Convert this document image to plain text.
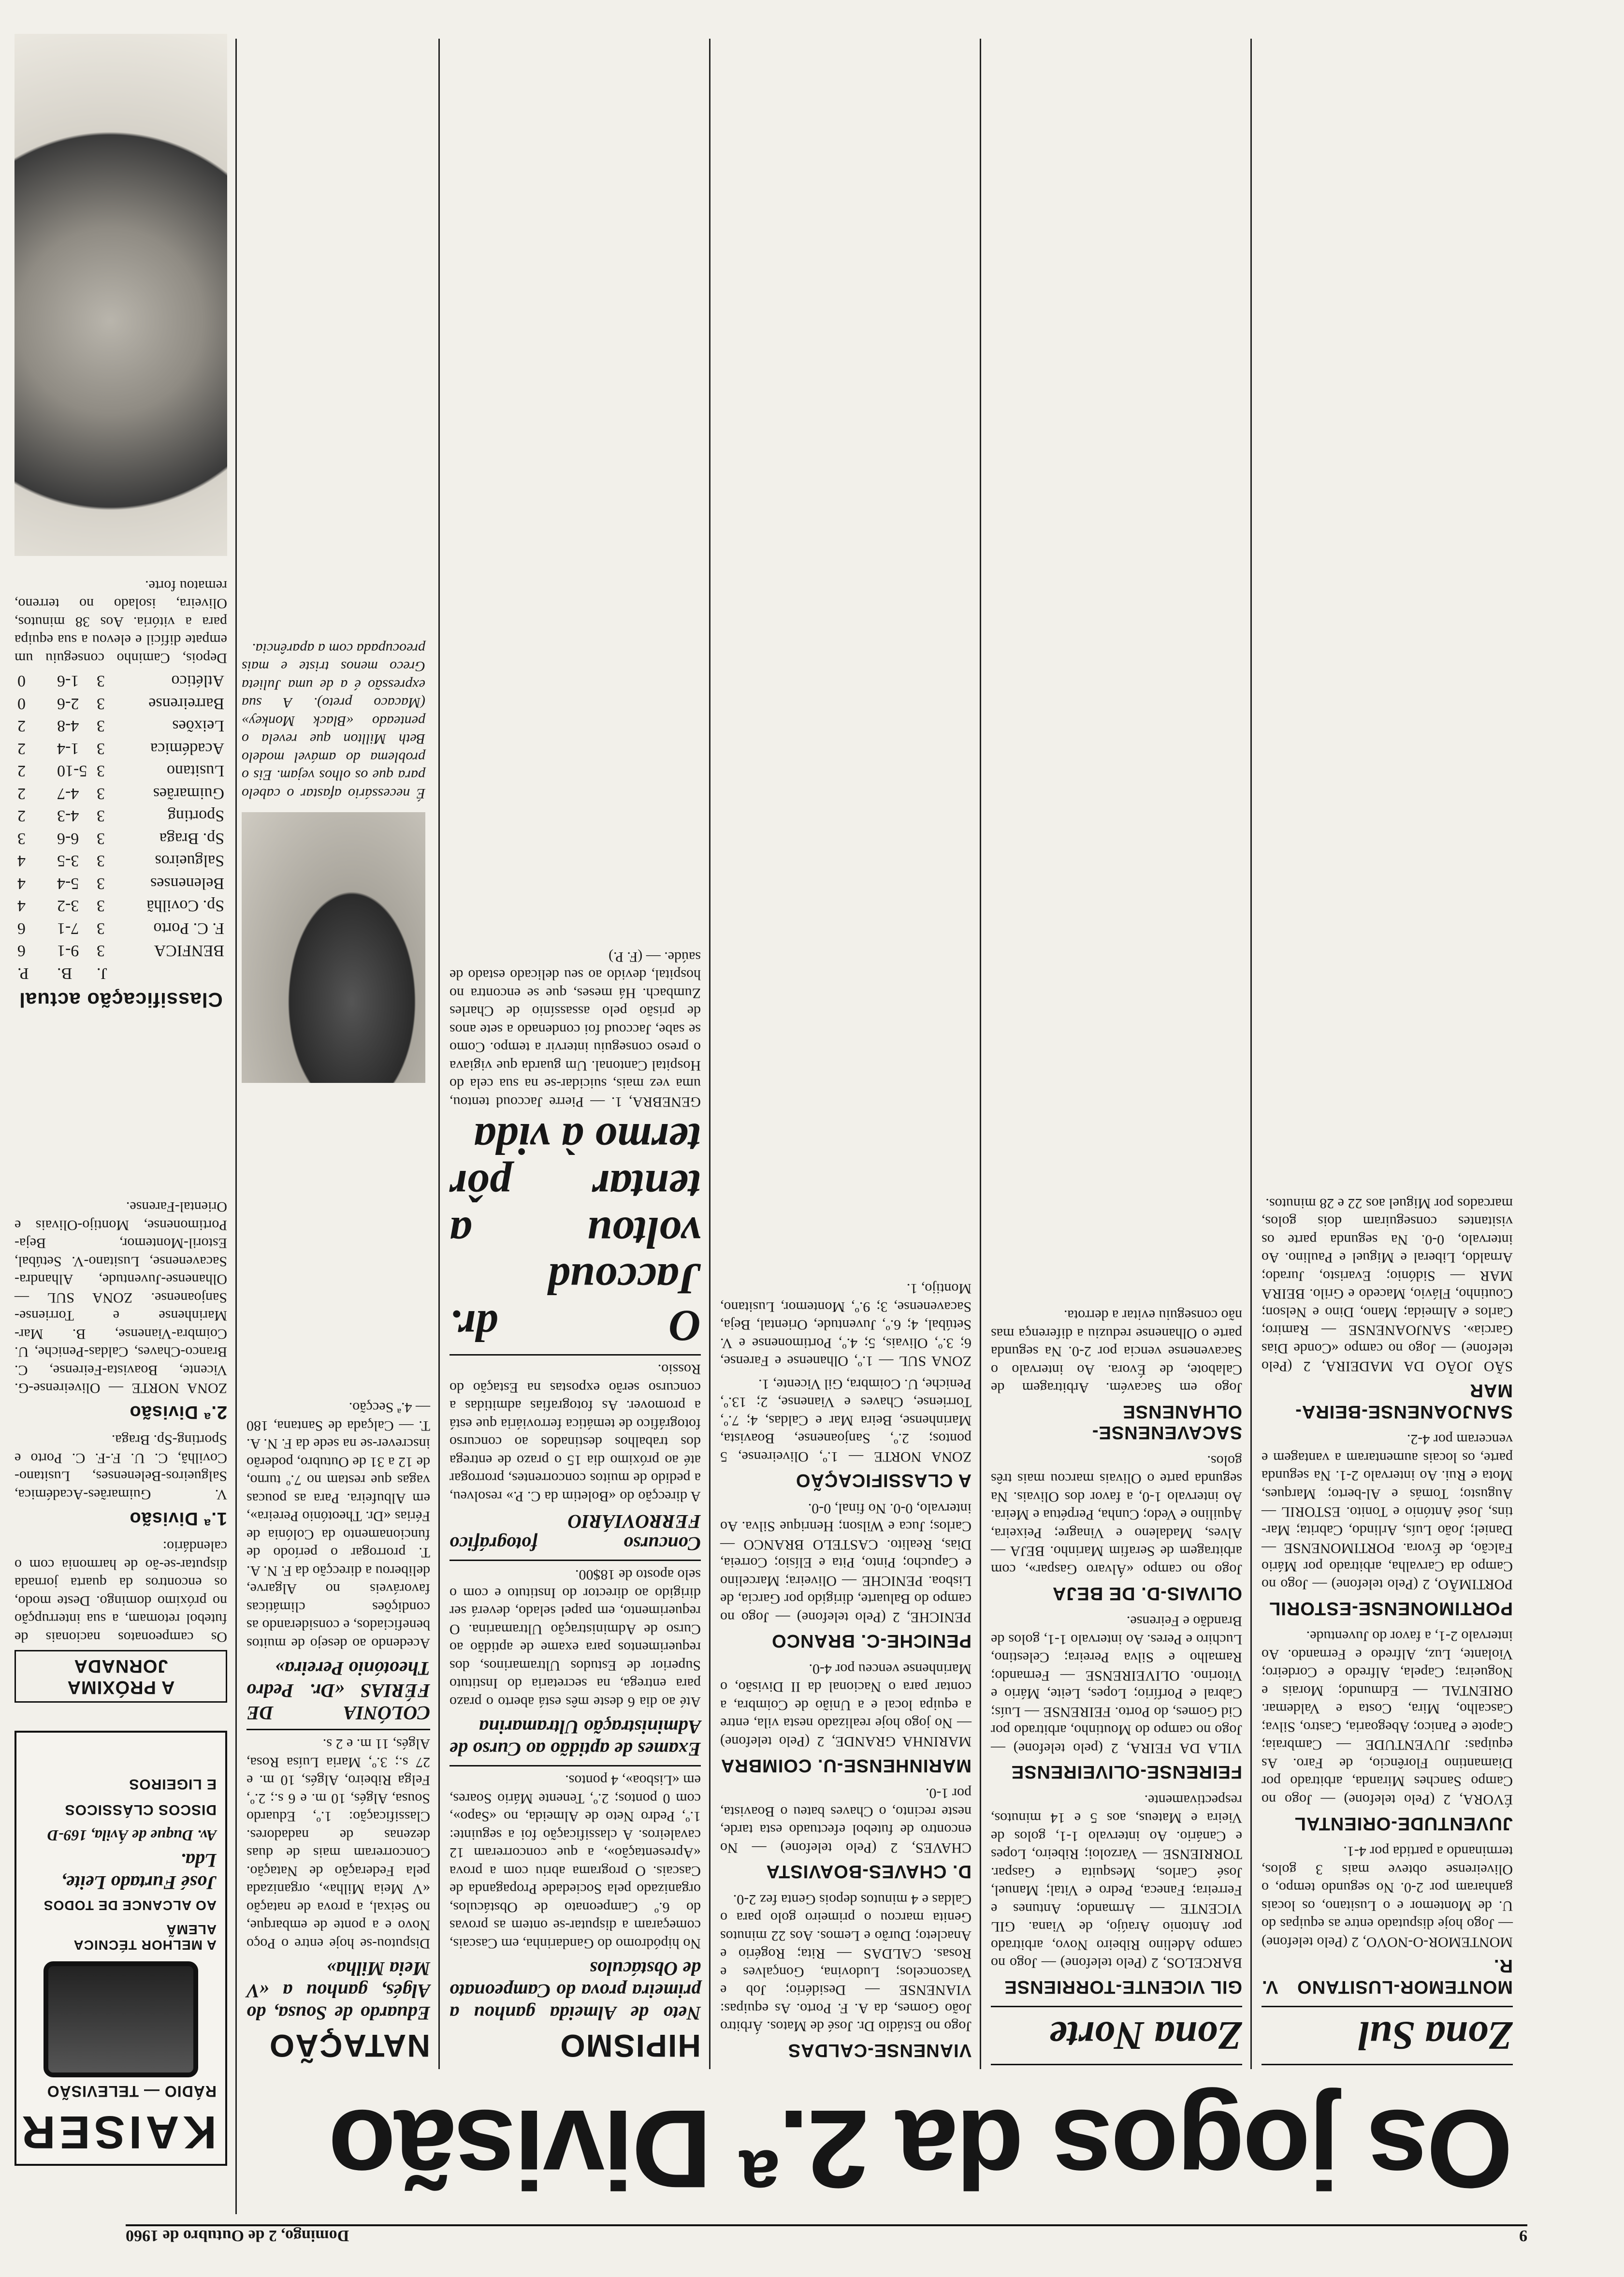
9
Domingo, 2 de Outubro de 1960
Os jogos da 2.ª Divisão
Zona Sul
MONTEMOR-LUSITANO V. R.

MONTEMOR-O-NOVO, 2 (Pelo telefone) — Jogo hoje disputado entre as equipas do U. de Montemor e o Lusitano, os locais ganharam por 2-0. No segundo tempo, o Oliveirense obteve mais 3 golos, terminando a partida por 4-1.

JUVENTUDE-ORIENTAL

ÉVORA, 2 (Pelo telefone) — Jogo no Campo Sanches Miranda, arbitrado por Diamantino Florêncio, de Faro. As equipas: JUVENTUDE — Cambraia; Capote e Panico; Abegoaria, Castro, Silva; Cascalho, Mira, Costa e Valdemar. ORIENTAL — Edmundo; Morais e Nogueira; Capela, Alfredo e Cordeiro; Violante, Luz, Alfredo e Fernando. Ao intervalo 2-1, a favor do Juventude.

PORTIMONENSE-ESTORIL

PORTIMÃO, 2 (Pelo telefone) — Jogo no Campo da Carvalha, arbitrado por Mário Falcão, de Évora. PORTIMONENSE — Daniel; João Luís, Arlindo, Cabrita; Mar-tins, José António e Tonito. ESTORIL — Augusto; Tomás e Al-berto; Marques, Mota e Rui. Ao intervalo 2-1. Na segunda parte, os locais aumentaram a vantagem e venceram por 4-2.

SANJOANENSE-BEIRA-MAR

SÃO JOÃO DA MADEIRA, 2 (Pelo telefone) — Jogo no campo «Conde Dias Garcia». SANJOANENSE — Ramiro; Carlos e Almeida; Mano, Dino e Nelson; Coutinho, Flávio, Macedo e Grilo. BEIRA MAR — Sidónio; Evaristo, Jurado; Arnaldo, Liberal e Miguel e Paulino. Ao intervalo, 0-0. Na segunda parte os visitantes conseguiram dois golos, marcados por Miguel aos 22 e 28 minutos.

Zona Norte
GIL VICENTE-TORRIENSE

BARCELOS, 2 (Pelo telefone) — Jogo no campo Adelino Ribeiro Novo, arbitrado por Antonio Araújo, de Viana. GIL VICENTE — Armando; Antunes e Ferreira; Faneca, Pedro e Vital; Manuel, José Carlos, Mesquita e Gaspar. TORRIENSE — Varzoloi; Ribeiro, Lopes e Canário. Ao intervalo 1-1, golos de Vieira e Mateus, aos 5 e 14 minutos, respectivamente.

FEIRENSE-OLIVEIRENSE

VILA DA FEIRA, 2 (pelo telefone) — Jogo no campo do Moutinho, arbitrado por Cid Gomes, do Porto. FEIRENSE — Luís; Cabral e Porfírio; Lopes, Leite, Mário e Vitorino. OLIVEIRENSE — Fernando; Ramalho e Silva Pereira; Celestino, Luchiro e Peres. Ao intervalo 1-1, golos de Brandão e Feirense.

OLIVAIS-D. DE BEJA

Jogo no campo «Álvaro Gaspar», com arbitragem de Serafim Marinho. BEJA — Alves, Madaleno e Vinagre; Peixeira, Aquilino e Vedo; Cunha, Perpétua e Meira. Ao intervalo 1-0, a favor dos Olivais. Na segunda parte o Olivais marcou mais três golos.

SACAVENENSE-OLHANENSE

Jogo em Sacavém. Arbitragem de Calabote, de Évora. Ao intervalo o Sacavenense vencia por 2-0. Na segunda parte o Olhanense reduziu a diferença mas não conseguiu evitar a derrota.

VIANENSE-CALDAS

Jogo no Estádio Dr. José de Matos. Árbitro João Gomes, da A. F. Porto. As equipas: VIANENSE — Desidério; Job e Vasconcelos; Ludovina, Gonçalves e Rosas. CALDAS — Rita; Rogério e Anacleto; Durão e Lemos. Aos 22 minutos Genita marcou o primeiro golo para o Caldas e 4 minutos depois Genta fez 2-0.

D. CHAVES-BOAVISTA

CHAVES, 2 (Pelo telefone) — No encontro de futebol efectuado esta tarde, neste recinto, o Chaves bateu o Boavista, por 1-0.

MARINHENSE-U. COIMBRA

MARINHA GRANDE, 2 (Pelo telefone) — No jogo hoje realizado nesta vila, entre a equipa local e a União de Coimbra, a contar para o Nacional da II Divisão, o Marinhense venceu por 4-0.

PENICHE-C. BRANCO

PENICHE, 2 (Pelo telefone) — Jogo no campo do Baluarte, dirigido por Garcia, de Lisboa. PENICHE — Oliveira; Marcelino e Capucho; Pinto, Pita e Elísio; Correia, Dias, Realito. CASTELO BRANCO — Carlos; Juca e Wilson; Henrique Silva. Ao intervalo, 0-0. No final, 0-0.

A CLASSIFICAÇÃO

ZONA NORTE — 1.º, Oliveirense, 5 pontos; 2.º, Sanjoanense, Boavista, Marinhense, Beira Mar e Caldas, 4; 7.º, Torriense, Chaves e Vianense, 2; 13.º, Peniche, U. Coimbra, Gil Vicente, 1.

ZONA SUL — 1.º, Olhanense e Farense, 6; 3.º, Olivais, 5; 4.º, Portimonense e V. Setúbal, 4; 6.º, Juventude, Oriental, Beja, Sacavenense, 3; 9.º, Montemor, Lusitano, Montijo, 1.

HIPISMO
Neto de Almeida ganhou a primeira prova do Campeonato de Obstáculos

No hipódromo do Gandarinha, em Cascais, começaram a disputar-se ontem as provas do 6.º Campeonato de Obstáculos, organizado pela Sociedade Propaganda de Cascais. O programa abriu com a prova «Apresentação», a que concorreram 12 cavaleiros. A classificação foi a seguinte: 1.º, Pedro Neto de Almeida, no «Sapo», com 0 pontos; 2.º, Tenente Mário Soares, em «Lisboa», 4 pontos.

Exames de aptidão ao Curso de Administração Ultramarina

Até ao dia 6 deste mês está aberto o prazo para entrega, na secretaria do Instituto Superior de Estudos Ultramarinos, dos requerimentos para exame de aptidão ao Curso de Administração Ultramarina. O requerimento, em papel selado, deverá ser dirigido ao director do Instituto e com o selo aposto de 18$00.

Concurso fotográfico FERROVIÁRIO

A direcção do «Boletim da C. P.» resolveu, a pedido de muitos concorrentes, prorrogar até ao próximo dia 15 o prazo de entrega dos trabalhos destinados ao concurso fotográfico de temática ferroviária que está a promover. As fotografias admitidas a concurso serão expostas na Estação do Rossio.

O dr. Jaccoud voltou a tentar pôr termo à vida

GENEBRA, 1. — Pierre Jaccoud tentou, uma vez mais, suicidar-se na sua cela do Hospital Cantonal. Um guarda que vigiava o preso conseguiu intervir a tempo. Como se sabe, Jaccoud foi condenado a sete anos de prisão pelo assassínio de Charles Zumbach. Há meses, que se encontra no hospital, devido ao seu delicado estado de saúde. — (F. P.)

NATAÇÃO
Eduardo de Sousa, do Algés, ganhou a «V Meia Milha»

Disputou-se hoje entre o Poço Novo e a ponte de embarque, no Seixal, a prova de natação «V Meia Milha», organizada pela Federação de Natação. Concorreram mais de duas dezenas de nadadores. Classificação: 1.º, Eduardo Sousa, Algés, 10 m. e 6 s.; 2.º, Felga Ribeiro, Algés, 10 m. e 27 s.; 3.º, Maria Luísa Rosa, Algés, 11 m. e 2 s.

COLÓNIA DE FÉRIAS «Dr. Pedro Theotónio Pereira»

Acedendo ao desejo de muitos beneficiados, e considerando as condições climáticas favoráveis no Algarve, deliberou a direcção da F. N. A. T. prorrogar o período de funcionamento da Colónia de Férias «Dr. Theotónio Pereira», em Albufeira. Para as poucas vagas que restam no 7.º turno, de 12 a 31 de Outubro, poderão inscrever-se na sede da F. N. A. T. — Calçada de Santana, 180 — 4.ª Secção.

É necessário afastar o cabelo para que os olhos vejam. Eis o problema do amável modelo Beth Millton que revela o penteado «Black Monkey» (Macaco preto). A sua expressão é a de uma Julieta Greco menos triste e mais preocupada com a aparência.

KAISER
RÁDIO — TELEVISÃO
A MELHOR TÉCNICA ALEMÃ
AO ALCANCE DE TODOS
José Furtado Leite, Lda.
Av. Duque de Ávila, 169-D
DISCOS CLÁSSICOS
E LIGEIROS
A PRÓXIMA JORNADA

Os campeonatos nacionais de futebol retomam, a sua interrupção no próximo domingo. Deste modo, os encontros da quarta jornada disputar-se-ão de harmonia com o calendário:

1.ª Divisão

V. Guimarães-Académica, Salgueiros-Belenenses, Lusitano-Covilhã, C. U. F.-F. C. Porto e Sporting-Sp. Braga.

2.ª Divisão

ZONA NORTE — Oliveirense-G. Vicente, Boavista-Feirense, C. Branco-Chaves, Caldas-Peniche, U. Coimbra-Vianense, B. Mar-Marinhense e Torriense-Sanjoanense. ZONA SUL — Olhanense-Juventude, Alhandra-Sacavenense, Lusitano-V. Setúbal, Estoril-Montemor, Beja-Portimonense, Montijo-Olivais e Oriental-Farense.

Classificação actual
	J.	B.	P.
BENFICA	3	9-1	6
F. C. Porto	3	7-1	6
Sp. Covilhã	3	3-2	4
Belenenses	3	5-4	4
Salgueiros	3	3-5	4
Sp. Braga	3	6-6	3
Sporting	3	4-3	2
Guimarães	3	4-7	2
Lusitano	3	5-10	2
Académica	3	1-4	2
Leixões	3	4-8	2
Barreirense	3	2-6	0
Atlético	3	1-6	0

Depois, Caminho conseguiu um empate difícil e elevou a sua equipa para a vitória. Aos 38 minutos, Oliveira, isolado no terreno, rematou forte.
